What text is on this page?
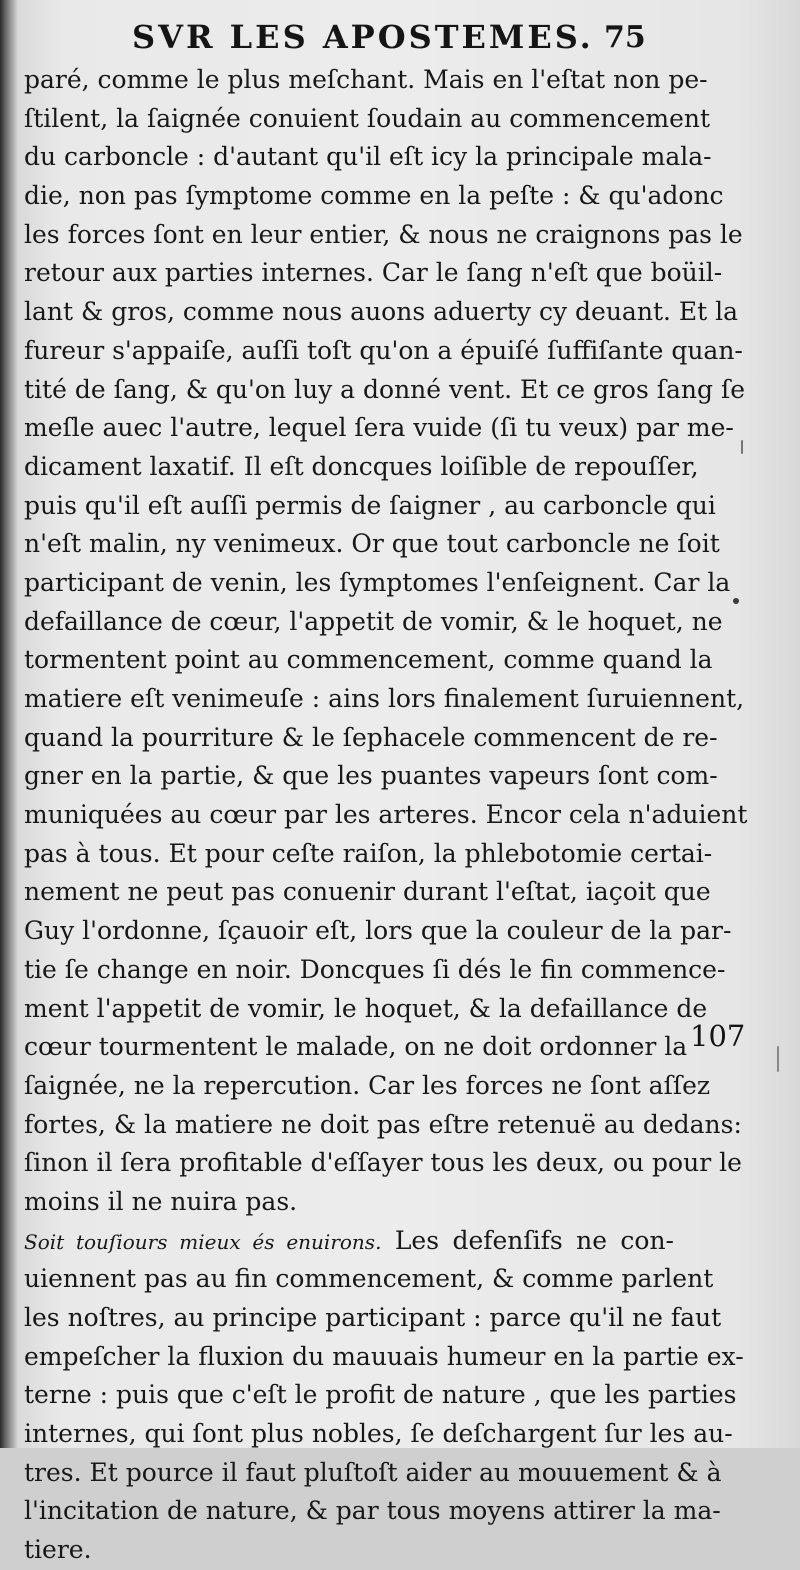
SVR LES APOSTEMES. 75
paré, comme le plus meſchant. Mais en l'eſtat non pe-
ſtilent, la ſaignée conuient ſoudain au commencement
du carboncle : d'autant qu'il eſt icy la principale mala-
die, non pas ſymptome comme en la peſte : & qu'adonc
les forces ſont en leur entier, & nous ne craignons pas le
retour aux parties internes. Car le ſang n'eſt que boüil-
lant & gros, comme nous auons aduerty cy deuant. Et la
fureur s'appaiſe, auſſi toſt qu'on a épuiſé ſuffiſante quan-
tité de ſang, & qu'on luy a donné vent. Et ce gros ſang ſe
meſle auec l'autre, lequel ſera vuide (ſi tu veux) par me-
dicament laxatif. Il eſt doncques loiſible de repouſſer,
puis qu'il eſt auſſi permis de ſaigner , au carboncle qui
n'eſt malin, ny venimeux. Or que tout carboncle ne ſoit
participant de venin, les ſymptomes l'enſeignent. Car la
defaillance de cœur, l'appetit de vomir, & le hoquet, ne
tormentent point au commencement, comme quand la
matiere eſt venimeuſe : ains lors finalement ſuruiennent,
quand la pourriture & le ſephacele commencent de re-
gner en la partie, & que les puantes vapeurs ſont com-
muniquées au cœur par les arteres. Encor cela n'aduient
pas à tous. Et pour ceſte raiſon, la phlebotomie certai-
nement ne peut pas conuenir durant l'eſtat, iaçoit que
Guy l'ordonne, ſçauoir eſt, lors que la couleur de la par-
tie ſe change en noir. Doncques ſi dés le fin commence-
ment l'appetit de vomir, le hoquet, & la defaillance de
cœur tourmentent le malade, on ne doit ordonner la
ſaignée, ne la repercution. Car les forces ne ſont aſſez
fortes, & la matiere ne doit pas eſtre retenuë au dedans:
ſinon il ſera profitable d'eſſayer tous les deux, ou pour le
moins il ne nuira pas.
Soit touſiours mieux és enuirons. Les defenſifs ne con-
uiennent pas au fin commencement, & comme parlent
les noſtres, au principe participant : parce qu'il ne faut
empeſcher la fluxion du mauuais humeur en la partie ex-
terne : puis que c'eſt le profit de nature , que les parties
internes, qui ſont plus nobles, ſe deſchargent ſur les au-
tres. Et pource il faut pluſtoſt aider au mouuement & à
l'incitation de nature, & par tous moyens attirer la ma-
tiere.
107
